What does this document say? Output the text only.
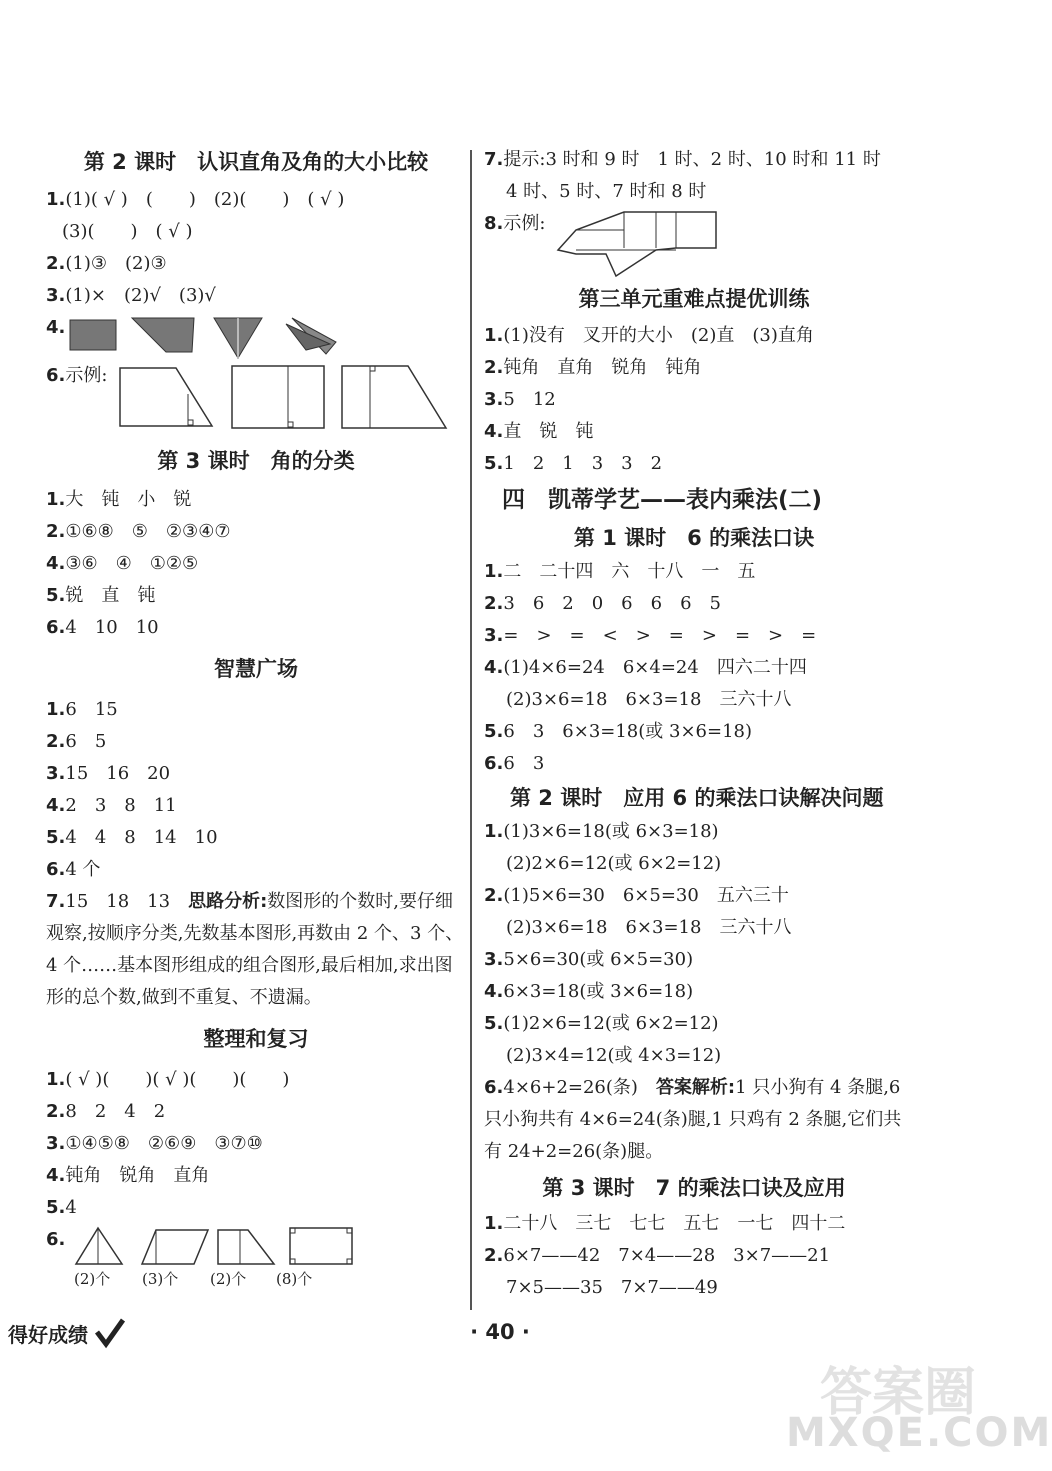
第 2 课时　认识直角及角的大小比较
1.(1)( √ )　(　　)　(2)(　　)　( √ )
(3)(　　)　( √ )
2.(1)③　(2)③
3.(1)×　(2)√　(3)√
4.
6.示例:
第 3 课时　角的分类
1.大　钝　小　锐
2.①⑥⑧　⑤　②③④⑦
4.③⑥　④　①②⑤
5.锐　直　钝
6.4　10　10
智慧广场
1.6　15
2.6　5
3.15　16　20
4.2　3　8　11
5.4　4　8　14　10
6.4 个
7.15　18　13　思路分析:数图形的个数时,要仔细观察,按顺序分类,先数基本图形,再数由 2 个、3 个、4 个……基本图形组成的组合图形,最后相加,求出图形的总个数,做到不重复、不遗漏。
整理和复习
1.( √ )(　　)( √ )(　　)(　　)
2.8　2　4　2
3.①④⑤⑧　②⑥⑨　③⑦⑩
4.钝角　锐角　直角
5.4
6.
(2)个 (3)个 (2)个 (8)个
7.提示:3 时和 9 时　1 时、2 时、10 时和 11 时
4 时、5 时、7 时和 8 时
8.示例:
第三单元重难点提优训练
1.(1)没有　叉开的大小　(2)直　(3)直角
2.钝角　直角　锐角　钝角
3.5　12
4.直　锐　钝
5.1　2　1　3　3　2
四　凯蒂学艺——表内乘法(二)
第 1 课时　6 的乘法口诀
1.二　二十四　六　十八　一　五
2.3　6　2　0　6　6　6　5
3.=　>　=　<　>　=　>　=　>　=
4.(1)4×6=24　6×4=24　四六二十四
(2)3×6=18　6×3=18　三六十八
5.6　3　6×3=18(或 3×6=18)
6.6　3
第 2 课时　应用 6 的乘法口诀解决问题
1.(1)3×6=18(或 6×3=18)
(2)2×6=12(或 6×2=12)
2.(1)5×6=30　6×5=30　五六三十
(2)3×6=18　6×3=18　三六十八
3.5×6=30(或 6×5=30)
4.6×3=18(或 3×6=18)
5.(1)2×6=12(或 6×2=12)
(2)3×4=12(或 4×3=12)
6.4×6+2=26(条)　答案解析:1 只小狗有 4 条腿,6 只小狗共有 4×6=24(条)腿,1 只鸡有 2 条腿,它们共有 24+2=26(条)腿。
第 3 课时　7 的乘法口诀及应用
1.二十八　三七　七七　五七　一七　四十二
2.6×7——42　7×4——28　3×7——21
7×5——35　7×7——49
得好成绩	· 40 ·
答案圈
MXQE.COM
